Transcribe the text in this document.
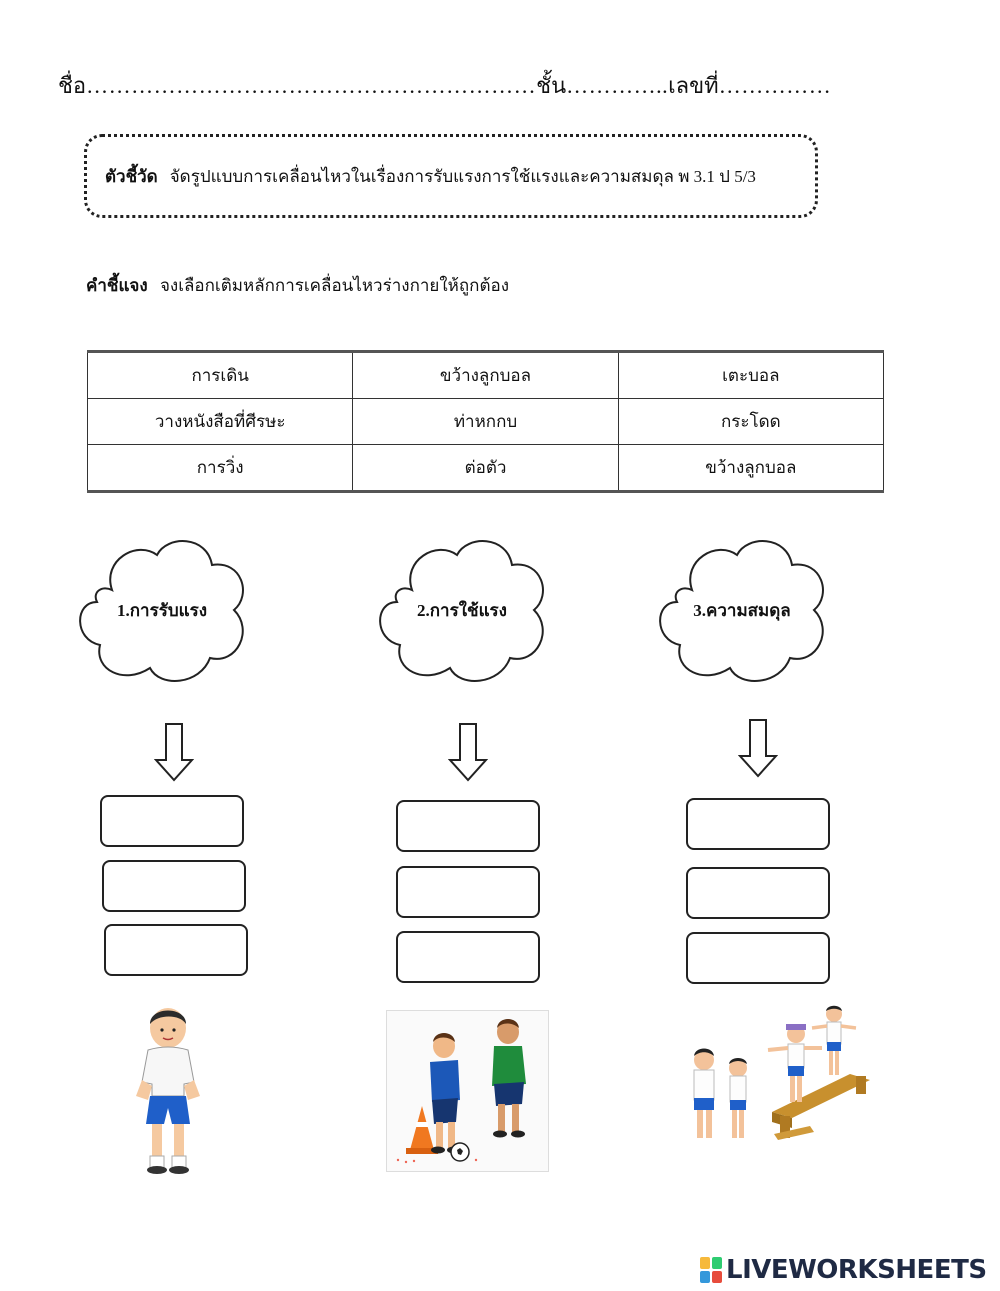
ชื่อ……………………………………………………ชั้น…………..เลขที่……………
ตัวชี้วัด จัดรูปแบบการเคลื่อนไหวในเรื่องการรับแรงการใช้แรงและความสมดุล พ 3.1 ป 5/3
คำชี้แจง จงเลือกเติมหลักการเคลื่อนไหวร่างกายให้ถูกต้อง
การเดิน	ขว้างลูกบอล	เตะบอล
วางหนังสือที่ศีรษะ	ท่าหกกบ	กระโดด
การวิ่ง	ต่อตัว	ขว้างลูกบอล
1.การรับแรง	2.การใช้แรง	3.ความสมดุล
LIVEWORKSHEETS
